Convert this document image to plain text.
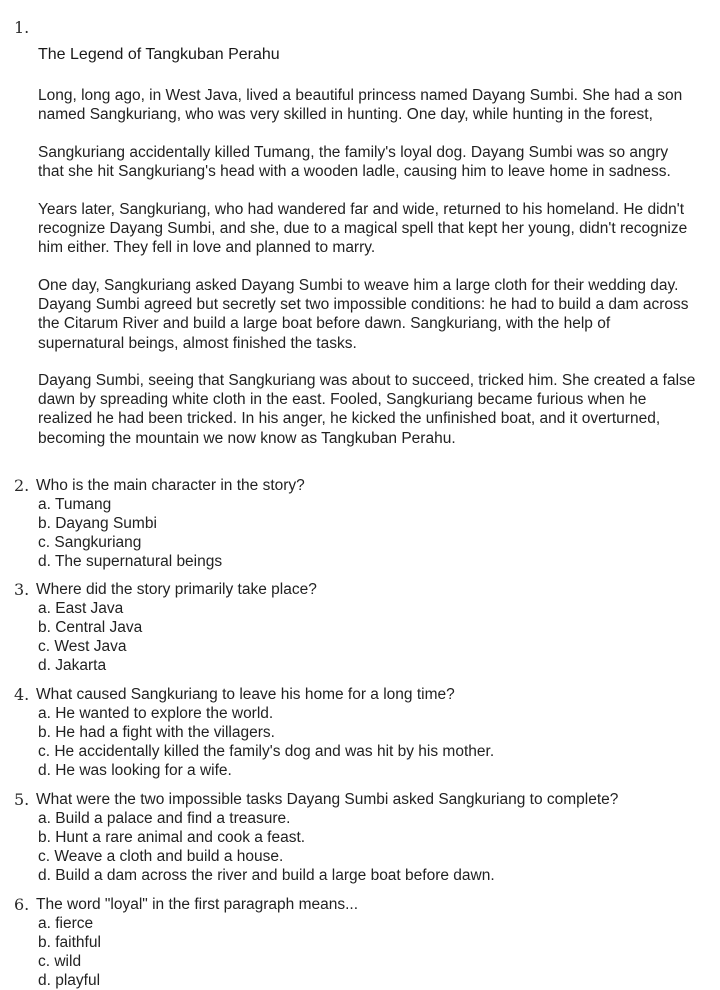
1.
The Legend of Tangkuban Perahu
Long, long ago, in West Java, lived a beautiful princess named Dayang Sumbi. She had a son
named Sangkuriang, who was very skilled in hunting. One day, while hunting in the forest,
Sangkuriang accidentally killed Tumang, the family's loyal dog. Dayang Sumbi was so angry
that she hit Sangkuriang's head with a wooden ladle, causing him to leave home in sadness.
Years later, Sangkuriang, who had wandered far and wide, returned to his homeland. He didn't
recognize Dayang Sumbi, and she, due to a magical spell that kept her young, didn't recognize
him either. They fell in love and planned to marry.
One day, Sangkuriang asked Dayang Sumbi to weave him a large cloth for their wedding day.
Dayang Sumbi agreed but secretly set two impossible conditions: he had to build a dam across
the Citarum River and build a large boat before dawn. Sangkuriang, with the help of
supernatural beings, almost finished the tasks.
Dayang Sumbi, seeing that Sangkuriang was about to succeed, tricked him. She created a false
dawn by spreading white cloth in the east. Fooled, Sangkuriang became furious when he
realized he had been tricked. In his anger, he kicked the unfinished boat, and it overturned,
becoming the mountain we now know as Tangkuban Perahu.
2. Who is the main character in the story?
a. Tumang
b. Dayang Sumbi
c. Sangkuriang
d. The supernatural beings
3. Where did the story primarily take place?
a. East Java
b. Central Java
c. West Java
d. Jakarta
4. What caused Sangkuriang to leave his home for a long time?
a. He wanted to explore the world.
b. He had a fight with the villagers.
c. He accidentally killed the family's dog and was hit by his mother.
d. He was looking for a wife.
5. What were the two impossible tasks Dayang Sumbi asked Sangkuriang to complete?
a. Build a palace and find a treasure.
b. Hunt a rare animal and cook a feast.
c. Weave a cloth and build a house.
d. Build a dam across the river and build a large boat before dawn.
6. The word "loyal" in the first paragraph means...
a. fierce
b. faithful
c. wild
d. playful
